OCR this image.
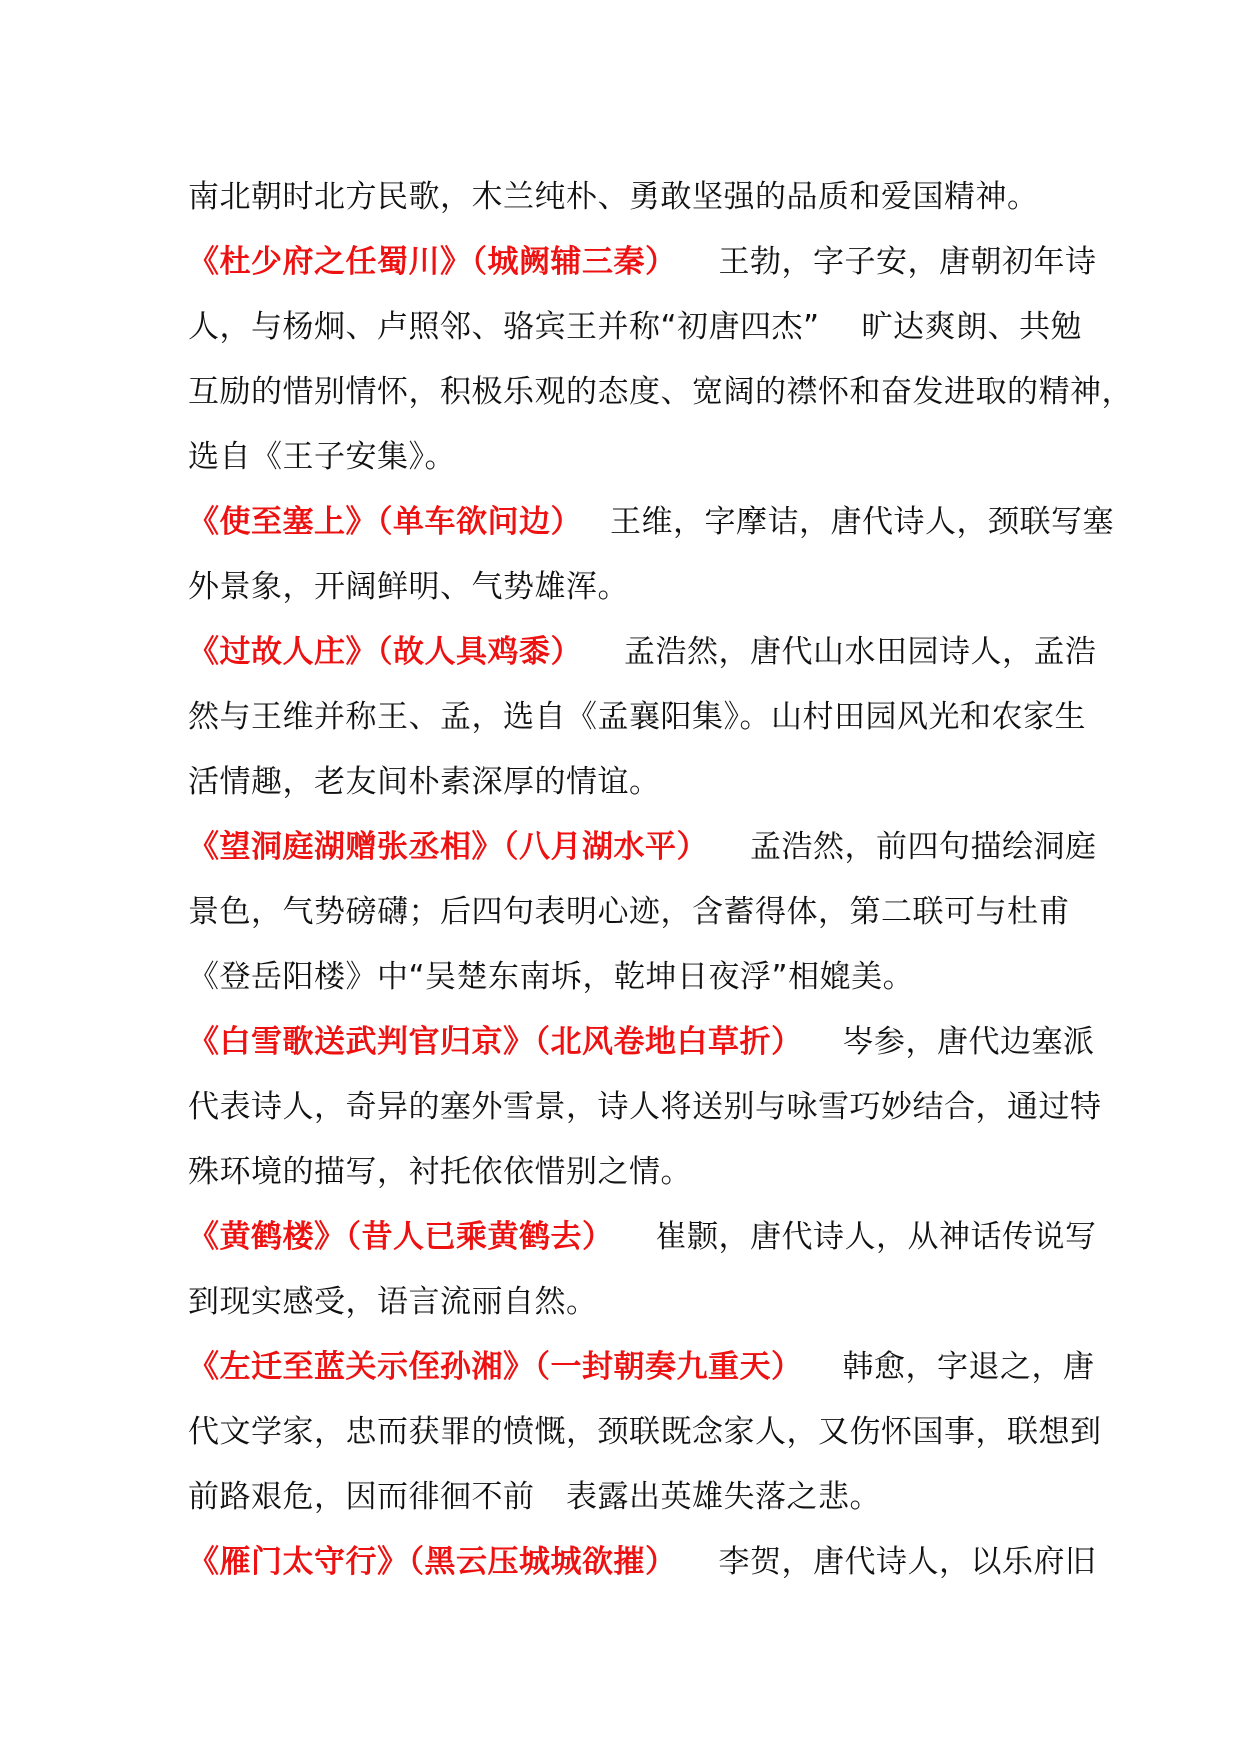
南北朝时北方民歌，木兰纯朴、勇敢坚强的品质和爱国精神。
《杜少府之任蜀川》（城阙辅三秦） 王勃，字子安，唐朝初年诗
人，与杨炯、卢照邻、骆宾王并称“初唐四杰”　 旷达爽朗、共勉
互励的惜别情怀，积极乐观的态度、宽阔的襟怀和奋发进取的精神，
选自《王子安集》。
《使至塞上》（单车欲问边） 王维，字摩诘，唐代诗人，颈联写塞
外景象，开阔鲜明、气势雄浑。
《过故人庄》（故人具鸡黍） 孟浩然，唐代山水田园诗人，孟浩
然与王维并称王、孟，选自《孟襄阳集》。山村田园风光和农家生
活情趣，老友间朴素深厚的情谊。
《望洞庭湖赠张丞相》（八月湖水平） 孟浩然，前四句描绘洞庭
景色，气势磅礴；后四句表明心迹，含蓄得体，第二联可与杜甫
《登岳阳楼》中“吴楚东南坼，乾坤日夜浮”相媲美。
《白雪歌送武判官归京》（北风卷地白草折） 岑参，唐代边塞派
代表诗人，奇异的塞外雪景，诗人将送别与咏雪巧妙结合，通过特
殊环境的描写，衬托依依惜别之情。
《黄鹤楼》（昔人已乘黄鹤去） 崔颢，唐代诗人，从神话传说写
到现实感受，语言流丽自然。
《左迁至蓝关示侄孙湘》（一封朝奏九重天） 韩愈，字退之，唐
代文学家，忠而获罪的愤慨，颈联既念家人，又伤怀国事，联想到
前路艰危，因而徘徊不前　表露出英雄失落之悲。
《雁门太守行》（黑云压城城欲摧） 李贺，唐代诗人，以乐府旧
